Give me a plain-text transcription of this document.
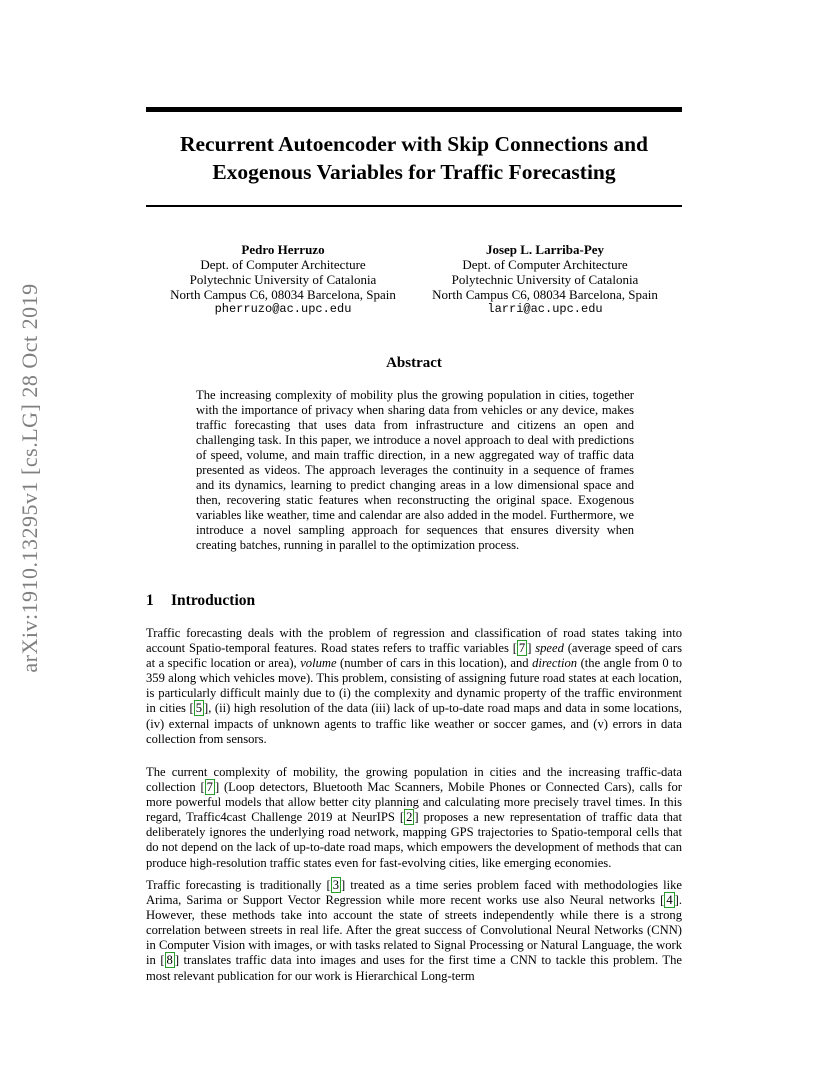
arXiv:1910.13295v1 [cs.LG] 28 Oct 2019
Recurrent Autoencoder with Skip Connections and
Exogenous Variables for Traffic Forecasting
Pedro Herruzo
Dept. of Computer Architecture
Polytechnic University of Catalonia
North Campus C6, 08034 Barcelona, Spain
pherruzo@ac.upc.edu
Josep L. Larriba-Pey
Dept. of Computer Architecture
Polytechnic University of Catalonia
North Campus C6, 08034 Barcelona, Spain
larri@ac.upc.edu
Abstract
The increasing complexity of mobility plus the growing population in cities, together with the importance of privacy when sharing data from vehicles or any device, makes traffic forecasting that uses data from infrastructure and citizens an open and challenging task. In this paper, we introduce a novel approach to deal with predictions of speed, volume, and main traffic direction, in a new aggregated way of traffic data presented as videos. The approach leverages the continuity in a sequence of frames and its dynamics, learning to predict changing areas in a low dimensional space and then, recovering static features when reconstructing the original space. Exogenous variables like weather, time and calendar are also added in the model. Furthermore, we introduce a novel sampling approach for sequences that ensures diversity when creating batches, running in parallel to the optimization process.
1 Introduction
Traffic forecasting deals with the problem of regression and classification of road states taking into account Spatio-temporal features. Road states refers to traffic variables [ 7 ] speed (average speed of cars at a specific location or area), volume (number of cars in this location), and direction (the angle from 0 to 359 along which vehicles move). This problem, consisting of assigning future road states at each location, is particularly difficult mainly due to (i) the complexity and dynamic property of the traffic environment in cities [ 5 ], (ii) high resolution of the data (iii) lack of up-to-date road maps and data in some locations, (iv) external impacts of unknown agents to traffic like weather or soccer games, and (v) errors in data collection from sensors.
The current complexity of mobility, the growing population in cities and the increasing traffic-data collection [ 7 ] (Loop detectors, Bluetooth Mac Scanners, Mobile Phones or Connected Cars), calls for more powerful models that allow better city planning and calculating more precisely travel times. In this regard, Traffic4cast Challenge 2019 at NeurIPS [ 2 ] proposes a new representation of traffic data that deliberately ignores the underlying road network, mapping GPS trajectories to Spatio-temporal cells that do not depend on the lack of up-to-date road maps, which empowers the development of methods that can produce high-resolution traffic states even for fast-evolving cities, like emerging economies.
Traffic forecasting is traditionally [ 3 ] treated as a time series problem faced with methodologies like Arima, Sarima or Support Vector Regression while more recent works use also Neural networks [ 4 ]. However, these methods take into account the state of streets independently while there is a strong correlation between streets in real life. After the great success of Convolutional Neural Networks (CNN) in Computer Vision with images, or with tasks related to Signal Processing or Natural Language, the work in [ 8 ] translates traffic data into images and uses for the first time a CNN to tackle this problem. The most relevant publication for our work is Hierarchical Long-term
